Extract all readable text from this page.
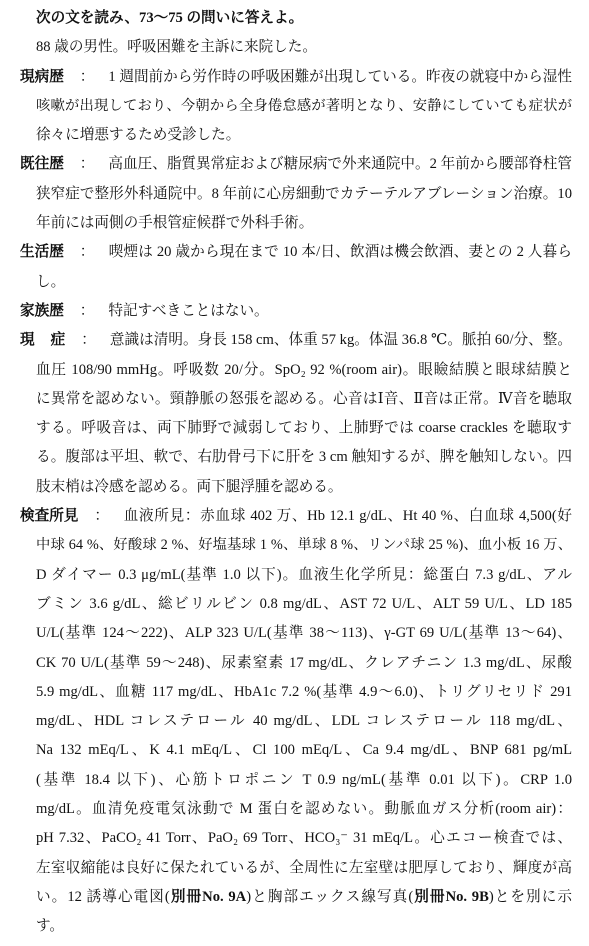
次の文を読み、73～75 の問いに答えよ。
88 歳の男性。呼吸困難を主訴に来院した。
現病歴 ： 1 週間前から労作時の呼吸困難が出現している。昨夜の就寝中から湿性
咳嗽が出現しており、今朝から全身倦怠感が著明となり、安静にしていても症状が
徐々に増悪するため受診した。
既往歴 ： 高血圧、脂質異常症および糖尿病で外来通院中。2 年前から腰部脊柱管
狭窄症で整形外科通院中。8 年前に心房細動でカテーテルアブレーション治療。10
年前には両側の手根管症候群で外科手術。
生活歴 ： 喫煙は 20 歳から現在まで 10 本/日、飲酒は機会飲酒、妻との 2 人暮ら
し。
家族歴 ： 特記すべきことはない。
現 症 ： 意識は清明。身長 158 cm、体重 57 kg。体温 36.8 ℃。脈拍 60/分、整。
血圧 108/90 mmHg。呼吸数 20/分。SpO₂ 92 %(room air)。眼瞼結膜と眼球結膜と
に異常を認めない。頸静脈の怒張を認める。心音はⅠ音、Ⅱ音は正常。Ⅳ音を聴取
する。呼吸音は、両下肺野で減弱しており、上肺野では coarse crackles を聴取す
る。腹部は平坦、軟で、右肋骨弓下に肝を 3 cm 触知するが、脾を触知しない。四
肢末梢は冷感を認める。両下腿浮腫を認める。
検査所見 ： 血液所見：赤血球 402 万、Hb 12.1 g/dL、Ht 40 %、白血球 4,500(好
中球 64 %、好酸球 2 %、好塩基球 1 %、単球 8 %、リンパ球 25 %)、血小板 16 万、
D ダイマー 0.3 μg/mL(基準 1.0 以下)。血液生化学所見：総蛋白 7.3 g/dL、アル
ブミン 3.6 g/dL、総ビリルビン 0.8 mg/dL、AST 72 U/L、ALT 59 U/L、LD 185
U/L(基準 124～222)、ALP 323 U/L(基準 38～113)、γ-GT 69 U/L(基準 13～64)、
CK 70 U/L(基準 59～248)、尿素窒素 17 mg/dL、クレアチニン 1.3 mg/dL、尿酸
5.9 mg/dL、血糖 117 mg/dL、HbA1c 7.2 %(基準 4.9～6.0)、トリグリセリド 291
mg/dL、HDL コレステロール 40 mg/dL、LDL コレステロール 118 mg/dL、
Na 132 mEq/L、K 4.1 mEq/L、Cl 100 mEq/L、Ca 9.4 mg/dL、BNP 681 pg/mL
(基準 18.4 以下)、心筋トロポニン T 0.9 ng/mL(基準 0.01 以下)。CRP 1.0
mg/dL。血清免疫電気泳動で M 蛋白を認めない。動脈血ガス分析(room air)：
pH 7.32、PaCO₂ 41 Torr、PaO₂ 69 Torr、HCO₃⁻ 31 mEq/L。心エコー検査では、
左室収縮能は良好に保たれているが、全周性に左室壁は肥厚しており、輝度が高
い。12 誘導心電図(別冊No. 9A)と胸部エックス線写真(別冊No. 9B)とを別に示
す。
